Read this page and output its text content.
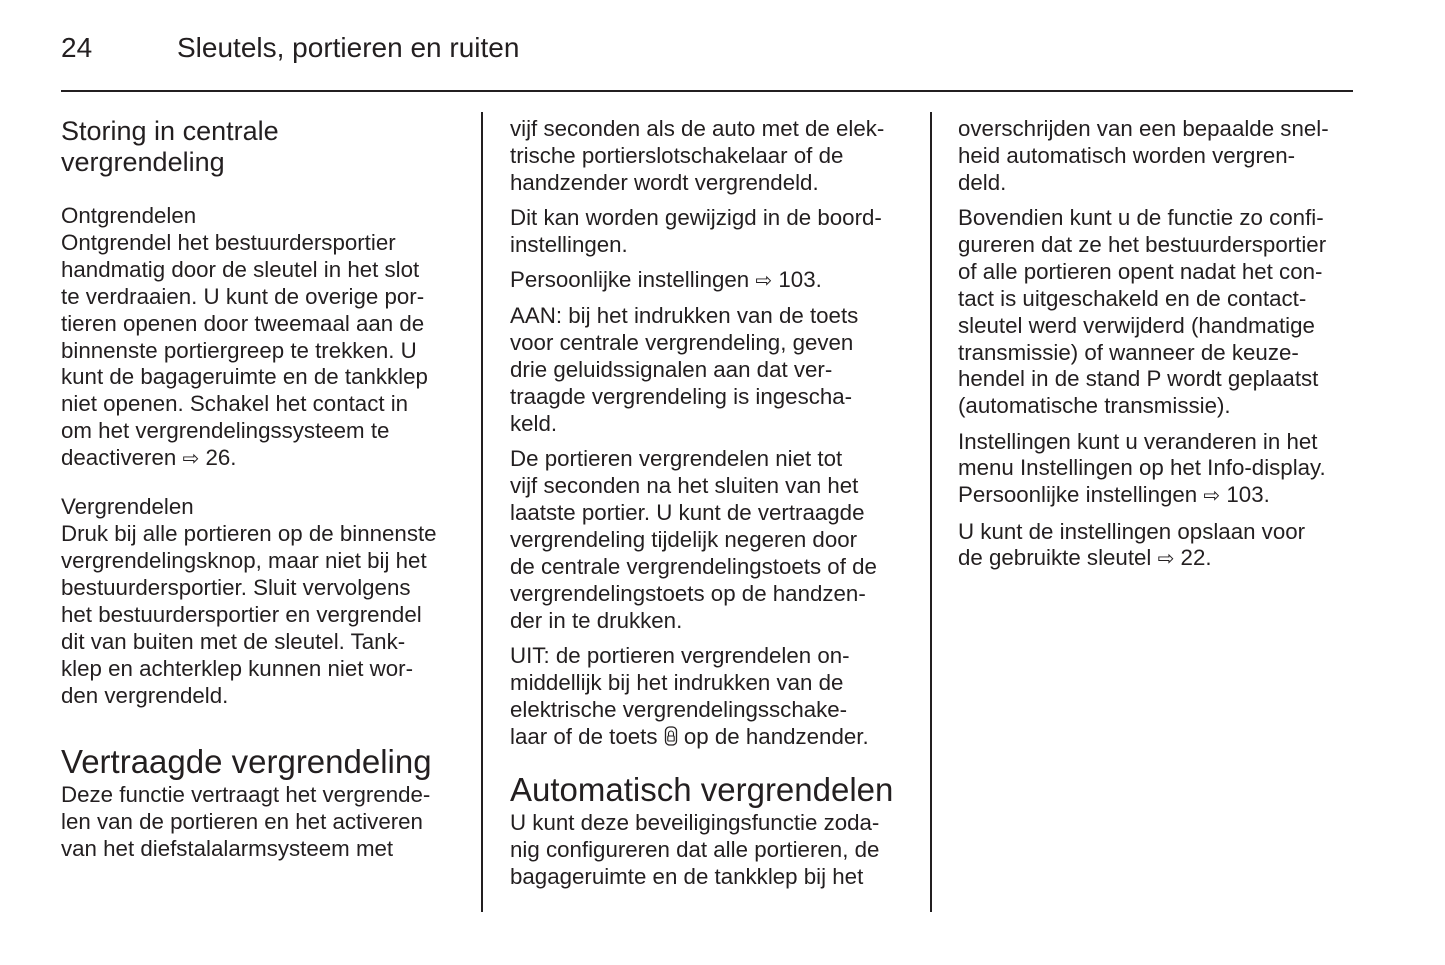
24	Sleutels, portieren en ruiten
Storing in centrale
vergrendeling
Ontgrendelen
Ontgrendel het bestuurdersportier
handmatig door de sleutel in het slot
te verdraaien. U kunt de overige por-
tieren openen door tweemaal aan de
binnenste portiergreep te trekken. U
kunt de bagageruimte en de tankklep
niet openen. Schakel het contact in
om het vergrendelingssysteem te
deactiveren ⇨ 26.
Vergrendelen
Druk bij alle portieren op de binnenste
vergrendelingsknop, maar niet bij het
bestuurdersportier. Sluit vervolgens
het bestuurdersportier en vergrendel
dit van buiten met de sleutel. Tank-
klep en achterklep kunnen niet wor-
den vergrendeld.
Vertraagde vergrendeling
Deze functie vertraagt het vergrende-
len van de portieren en het activeren
van het diefstalalarmsysteem met
vijf seconden als de auto met de elek-
trische portierslotschakelaar of de
handzender wordt vergrendeld.
Dit kan worden gewijzigd in de boord-
instellingen.
Persoonlijke instellingen ⇨ 103.
AAN: bij het indrukken van de toets
voor centrale vergrendeling, geven
drie geluidssignalen aan dat ver-
traagde vergrendeling is ingescha-
keld.
De portieren vergrendelen niet tot
vijf seconden na het sluiten van het
laatste portier. U kunt de vertraagde
vergrendeling tijdelijk negeren door
de centrale vergrendelingstoets of de
vergrendelingstoets op de handzen-
der in te drukken.
UIT: de portieren vergrendelen on-
middellijk bij het indrukken van de
elektrische vergrendelingsschake-
laar of de toets op de handzender.
Automatisch vergrendelen
U kunt deze beveiligingsfunctie zoda-
nig configureren dat alle portieren, de
bagageruimte en de tankklep bij het
overschrijden van een bepaalde snel-
heid automatisch worden vergren-
deld.
Bovendien kunt u de functie zo confi-
gureren dat ze het bestuurdersportier
of alle portieren opent nadat het con-
tact is uitgeschakeld en de contact-
sleutel werd verwijderd (handmatige
transmissie) of wanneer de keuze-
hendel in de stand P wordt geplaatst
(automatische transmissie).
Instellingen kunt u veranderen in het
menu Instellingen op het Info-display.
Persoonlijke instellingen ⇨ 103.
U kunt de instellingen opslaan voor
de gebruikte sleutel ⇨ 22.
